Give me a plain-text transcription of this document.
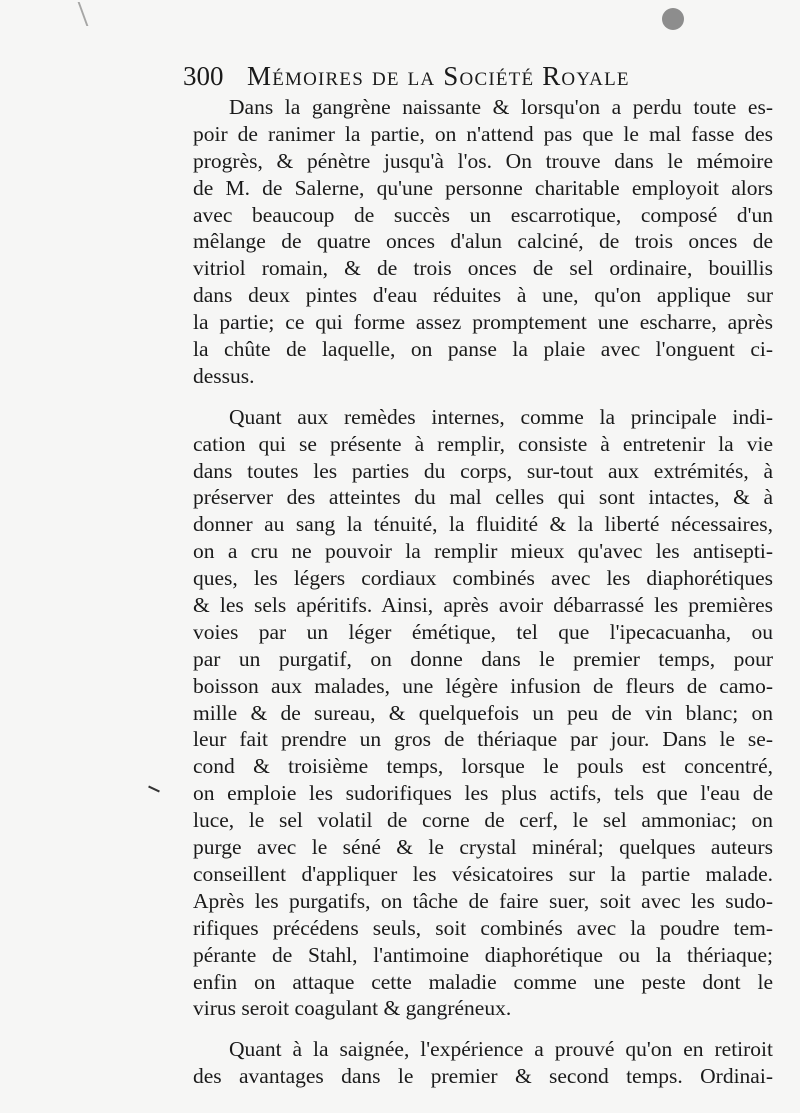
300 Mémoires de la Société Royale
Dans la gangrène naissante & lorsqu'on a perdu toute es-
poir de ranimer la partie, on n'attend pas que le mal fasse des
progrès, & pénètre jusqu'à l'os. On trouve dans le mémoire
de M. de Salerne, qu'une personne charitable employoit alors
avec beaucoup de succès un escarrotique, composé d'un
mêlange de quatre onces d'alun calciné, de trois onces de
vitriol romain, & de trois onces de sel ordinaire, bouillis
dans deux pintes d'eau réduites à une, qu'on applique sur
la partie; ce qui forme assez promptement une escharre, après
la chûte de laquelle, on panse la plaie avec l'onguent ci-
dessus.
Quant aux remèdes internes, comme la principale indi-
cation qui se présente à remplir, consiste à entretenir la vie
dans toutes les parties du corps, sur-tout aux extrémités, à
préserver des atteintes du mal celles qui sont intactes, & à
donner au sang la ténuité, la fluidité & la liberté nécessaires,
on a cru ne pouvoir la remplir mieux qu'avec les antisepti-
ques, les légers cordiaux combinés avec les diaphorétiques
& les sels apéritifs. Ainsi, après avoir débarrassé les premières
voies par un léger émétique, tel que l'ipecacuanha, ou
par un purgatif, on donne dans le premier temps, pour
boisson aux malades, une légère infusion de fleurs de camo-
mille & de sureau, & quelquefois un peu de vin blanc; on
leur fait prendre un gros de thériaque par jour. Dans le se-
cond & troisième temps, lorsque le pouls est concentré,
on emploie les sudorifiques les plus actifs, tels que l'eau de
luce, le sel volatil de corne de cerf, le sel ammoniac; on
purge avec le séné & le crystal minéral; quelques auteurs
conseillent d'appliquer les vésicatoires sur la partie malade.
Après les purgatifs, on tâche de faire suer, soit avec les sudo-
rifiques précédens seuls, soit combinés avec la poudre tem-
pérante de Stahl, l'antimoine diaphorétique ou la thériaque;
enfin on attaque cette maladie comme une peste dont le
virus seroit coagulant & gangréneux.
Quant à la saignée, l'expérience a prouvé qu'on en retiroit
des avantages dans le premier & second temps. Ordinai-
